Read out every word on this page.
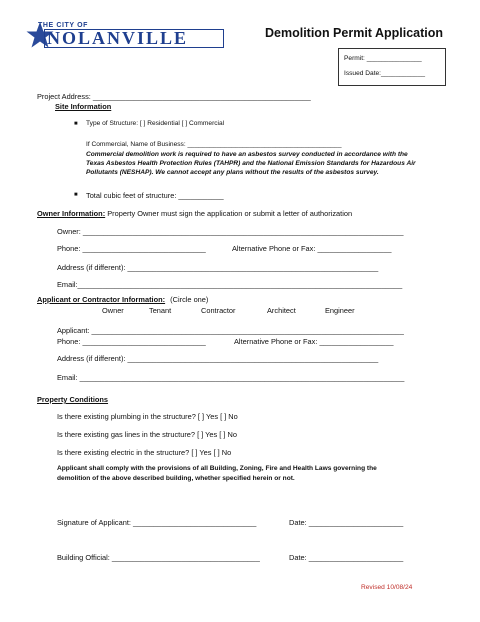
THE CITY OF
NOLANVILLE	Demolition Permit Application
Permit: _______________
Issued Date:____________
Project Address: _____________________________________________________
Site Information
■ Type of Structure: [ ] Residential [ ] Commercial
If Commercial, Name of Business: __________________________________________
Commercial demolition work is required to have an asbestos survey conducted in accordance with the
Texas Asbestos Health Protection Rules (TAHPR) and the National Emission Standards for Hazardous Air
Pollutants (NESHAP). We cannot accept any plans without the results of the asbestos survey.
■ Total cubic feet of structure: ___________
Owner Information: Property Owner must sign the application or submit a letter of authorization
Owner: ______________________________________________________________________________
Phone: ______________________________	Alternative Phone or Fax: __________________
Address (if different): _____________________________________________________________
Email:_______________________________________________________________________________
Applicant or Contractor Information: (Circle one)
Owner	Tenant	Contractor	Architect	Engineer
Applicant: ____________________________________________________________________________
Phone: ______________________________	Alternative Phone or Fax: __________________
Address (if different): _____________________________________________________________
Email: _______________________________________________________________________________
Property Conditions
Is there existing plumbing in the structure? [ ] Yes [ ] No
Is there existing gas lines in the structure? [ ] Yes [ ] No
Is there existing electric in the structure? [ ] Yes [ ] No
Applicant shall comply with the provisions of all Building, Zoning, Fire and Health Laws governing the
demolition of the above described building, whether specified herein or not.
Signature of Applicant: ______________________________	Date: _______________________
Building Official: ____________________________________	Date: _______________________
Revised 10/08/24
